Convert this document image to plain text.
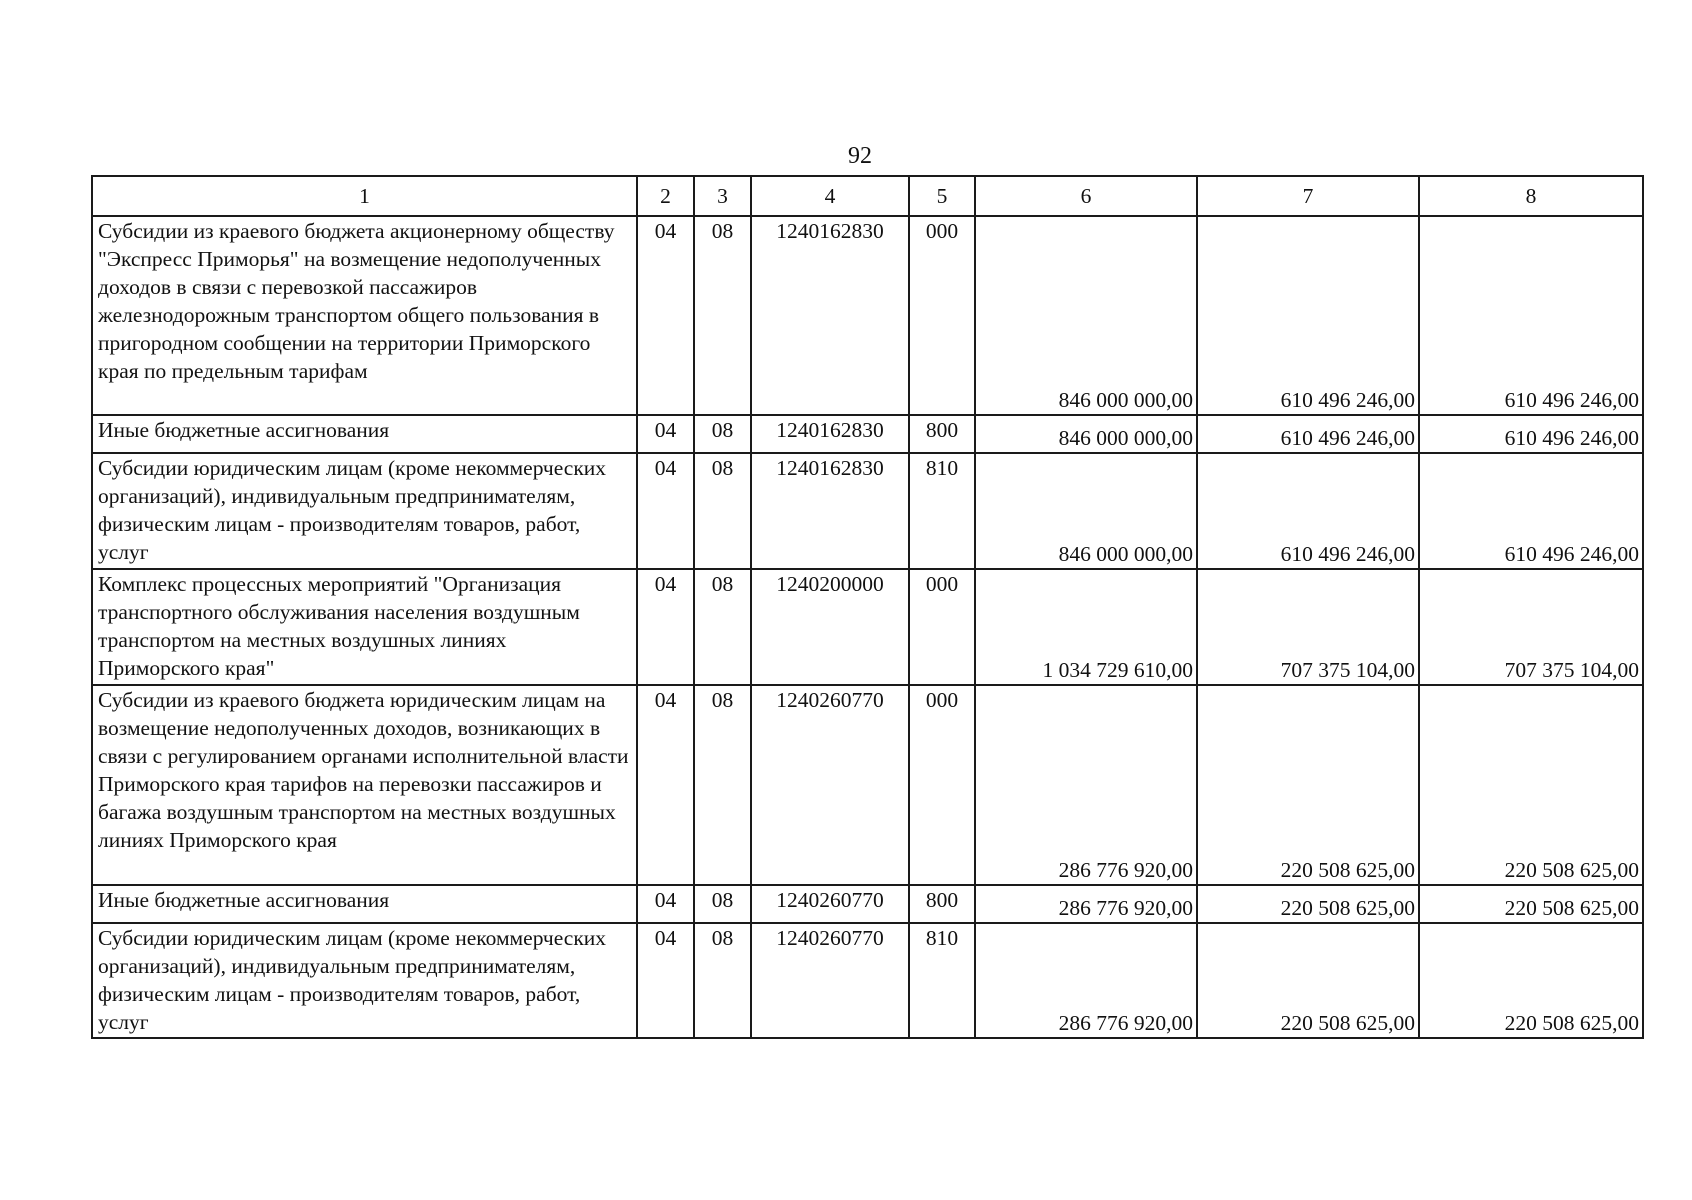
92
1	2	3	4	5	6	7	8
Субсидии из краевого бюджета акционерному обществу "Экспресс Приморья" на возмещение недополученных доходов в связи с перевозкой пассажиров железнодорожным транспортом общего пользования в пригородном сообщении на территории Приморского края по предельным тарифам	04	08	1240162830	000	846 000 000,00	610 496 246,00	610 496 246,00
Иные бюджетные ассигнования	04	08	1240162830	800	846 000 000,00	610 496 246,00	610 496 246,00
Субсидии юридическим лицам (кроме некоммерческих организаций), индивидуальным предпринимателям, физическим лицам - производителям товаров, работ, услуг	04	08	1240162830	810	846 000 000,00	610 496 246,00	610 496 246,00
Комплекс процессных мероприятий "Организация транспортного обслуживания населения воздушным транспортом на местных воздушных линиях Приморского края"	04	08	1240200000	000	1 034 729 610,00	707 375 104,00	707 375 104,00
Субсидии из краевого бюджета юридическим лицам на возмещение недополученных доходов, возникающих в связи с регулированием органами исполнительной власти Приморского края тарифов на перевозки пассажиров и багажа воздушным транспортом на местных воздушных линиях Приморского края	04	08	1240260770	000	286 776 920,00	220 508 625,00	220 508 625,00
Иные бюджетные ассигнования	04	08	1240260770	800	286 776 920,00	220 508 625,00	220 508 625,00
Субсидии юридическим лицам (кроме некоммерческих организаций), индивидуальным предпринимателям, физическим лицам - производителям товаров, работ, услуг	04	08	1240260770	810	286 776 920,00	220 508 625,00	220 508 625,00
